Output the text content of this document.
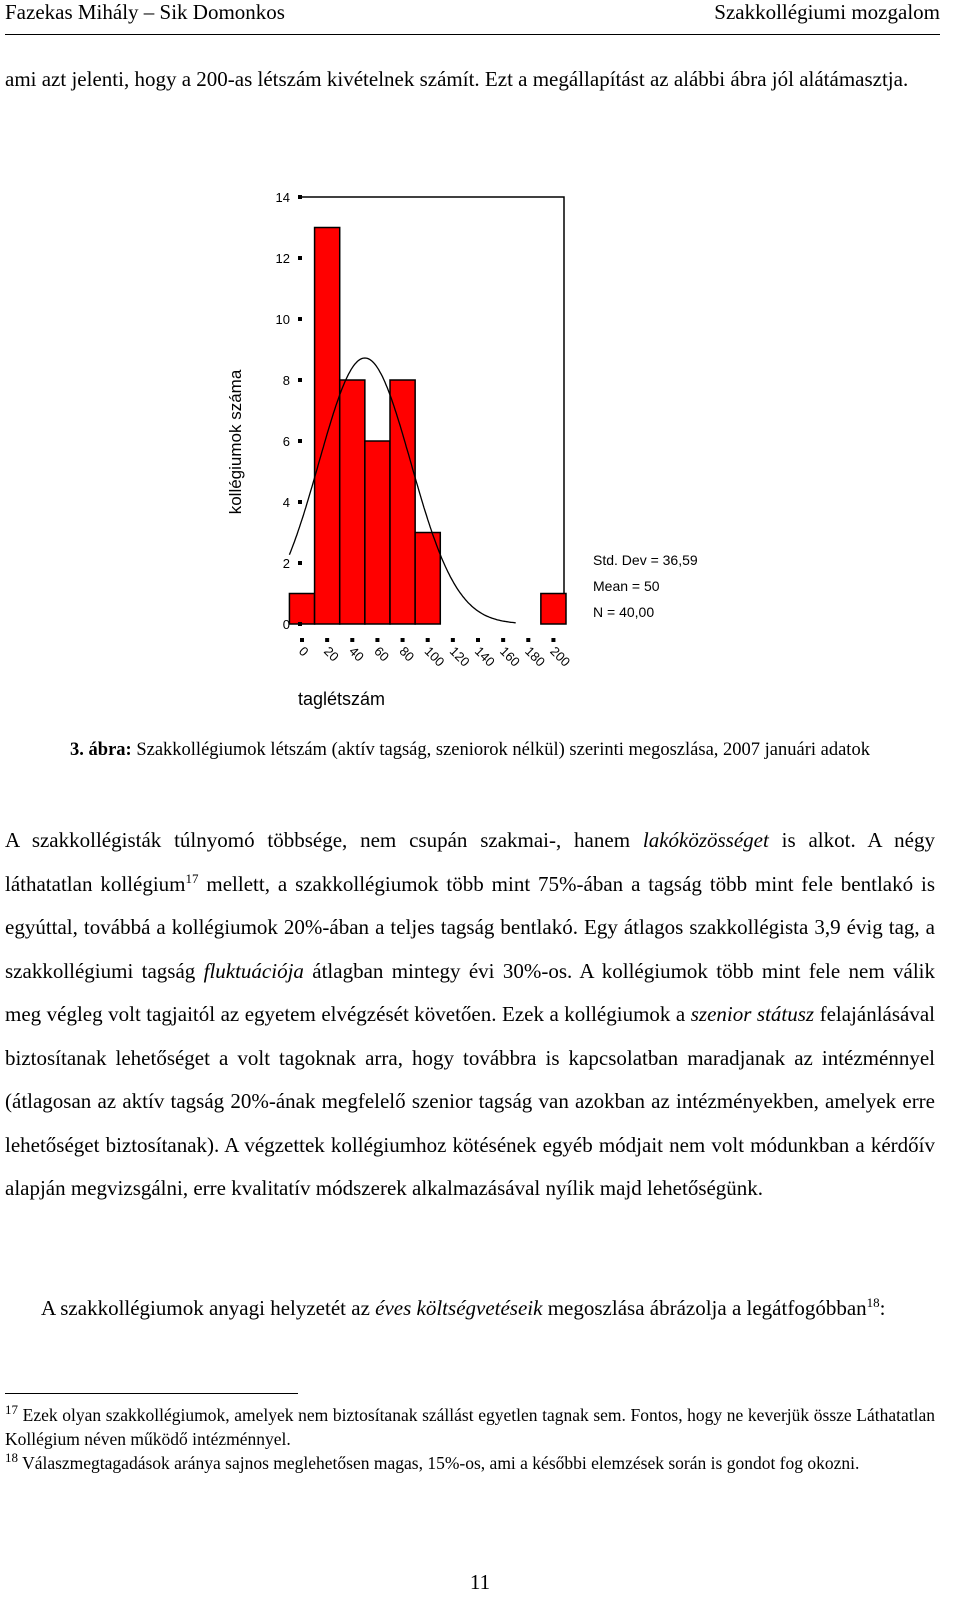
Fazekas Mihály – Sik Domonkos	Szakkollégiumi mozgalom

ami azt jelenti, hogy a 200-as létszám kivételnek számít. Ezt a megállapítást az alábbi ábra jól alátámasztja.

0
2
4
6
8
10
12
14
0 20 40 60 80 100 120 140 160 180 200
kollégiumok száma
taglétszám
Std. Dev = 36,59
Mean = 50
N = 40,00
3. ábra: Szakkollégiumok létszám (aktív tagság, szeniorok nélkül) szerinti megoszlása, 2007 januári adatok

A szakkollégisták túlnyomó többsége, nem csupán szakmai-, hanem lakóközösséget is alkot. A négy láthatatlan kollégium$^{17}$ mellett, a szakkollégiumok több mint 75%-ában a tagság több mint fele bentlakó is egyúttal, továbbá a kollégiumok 20%-ában a teljes tagság bentlakó. Egy átlagos szakkollégista 3,9 évig tag, a szakkollégiumi tagság fluktuációja átlagban mintegy évi 30%-os. A kollégiumok több mint fele nem válik meg végleg volt tagjaitól az egyetem elvégzését követően. Ezek a kollégiumok a szenior státusz felajánlásával biztosítanak lehetőséget a volt tagoknak arra, hogy továbbra is kapcsolatban maradjanak az intézménnyel (átlagosan az aktív tagság 20%-ának megfelelő szenior tagság van azokban az intézményekben, amelyek erre lehetőséget biztosítanak). A végzettek kollégiumhoz kötésének egyéb módjait nem volt módunkban a kérdőív alapján megvizsgálni, erre kvalitatív módszerek alkalmazásával nyílik majd lehetőségünk.

A szakkollégiumok anyagi helyzetét az éves költségvetéseik megoszlása ábrázolja a legátfogóbban$^{18}$:

$^{17}$ Ezek olyan szakkollégiumok, amelyek nem biztosítanak szállást egyetlen tagnak sem. Fontos, hogy ne keverjük össze Láthatatlan Kollégium néven működő intézménnyel.

$^{18}$ Válaszmegtagadások aránya sajnos meglehetősen magas, 15%-os, ami a későbbi elemzések során is gondot fog okozni.

11
